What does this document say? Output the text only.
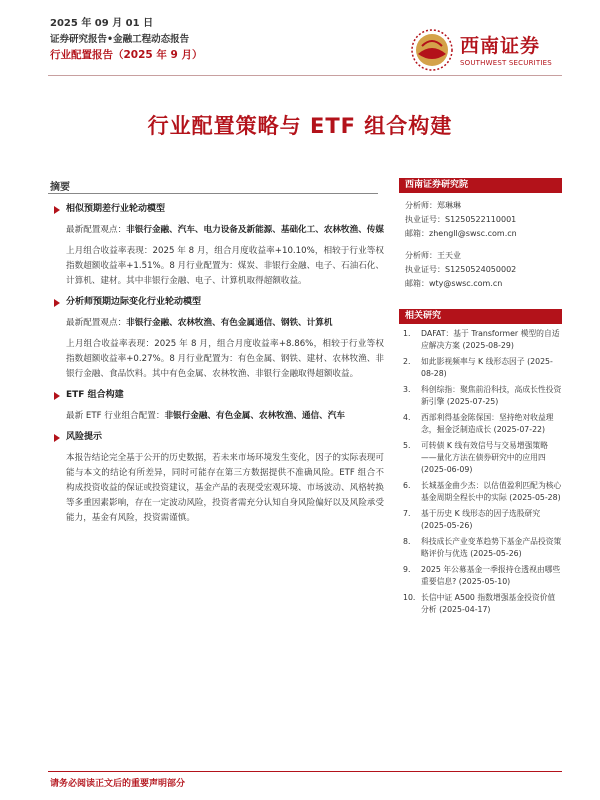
2025 年 09 月 01 日
证券研究报告•金融工程动态报告
行业配置报告（2025 年 9 月）	西南证券
SOUTHWEST SECURITIES
行业配置策略与 ETF 组合构建
摘要
相似预期差行业轮动模型
最新配置观点：非银行金融、汽车、电力设备及新能源、基础化工、农林牧渔、传媒
上月组合收益率表现：2025 年 8 月，组合月度收益率+10.10%，相较于行业等权指数超额收益率+1.51%。8 月行业配置为：煤炭、非银行金融、电子、石油石化、计算机、建材。其中非银行金融、电子、计算机取得超额收益。
分析师预期边际变化行业轮动模型
最新配置观点：非银行金融、农林牧渔、有色金属通信、钢铁、计算机
上月组合收益率表现：2025 年 8 月，组合月度收益率+8.86%，相较于行业等权指数超额收益率+0.27%。8 月行业配置为：有色金属、钢铁、建材、农林牧渔、非银行金融、食品饮料。其中有色金属、农林牧渔、非银行金融取得超额收益。
ETF 组合构建
最新 ETF 行业组合配置：非银行金融、有色金属、农林牧渔、通信、汽车
风险提示
本报告结论完全基于公开的历史数据，若未来市场环境发生变化，因子的实际表现可能与本文的结论有所差异，同时可能存在第三方数据提供不准确风险。ETF 组合不构成投资收益的保证或投资建议，基金产品的表现受宏观环境、市场波动、风格转换等多重因素影响，存在一定波动风险，投资者需充分认知自身风险偏好以及风险承受能力，基金有风险，投资需谨慎。
西南证券研究院
分析师：郑琳琳
执业证号：S1250522110001
邮箱：zhengll@swsc.com.cn
分析师：王天业
执业证号：S1250524050002
邮箱：wty@swsc.com.cn
相关研究
1. DAFAT：基于 Transformer 模型的自适应解决方案 (2025-08-29)
2. 如此影视频率与 K 线形态因子 (2025-08-28)
3. 科创综指：聚焦前沿科技，高成长性投资新引擎 (2025-07-25)
4. 西部利得基金陈保国：坚持绝对收益理念，掘金泛制造成长 (2025-07-22)
5. 可转债 K 线有效信号与交易增强策略——量化方法在债券研究中的应用四 (2025-06-09)
6. 长城基金曲少杰：以估值盈利匹配为核心基金周期全程长中的实际 (2025-05-28)
7. 基于历史 K 线形态的因子选股研究 (2025-05-26)
8. 科技成长产业变革趋势下基金产品投资策略评价与优选 (2025-05-26)
9. 2025 年公募基金一季报持仓透视由哪些重要信息? (2025-05-10)
10. 长信中证 A500 指数增强基金投资价值分析 (2025-04-17)
请务必阅读正文后的重要声明部分
